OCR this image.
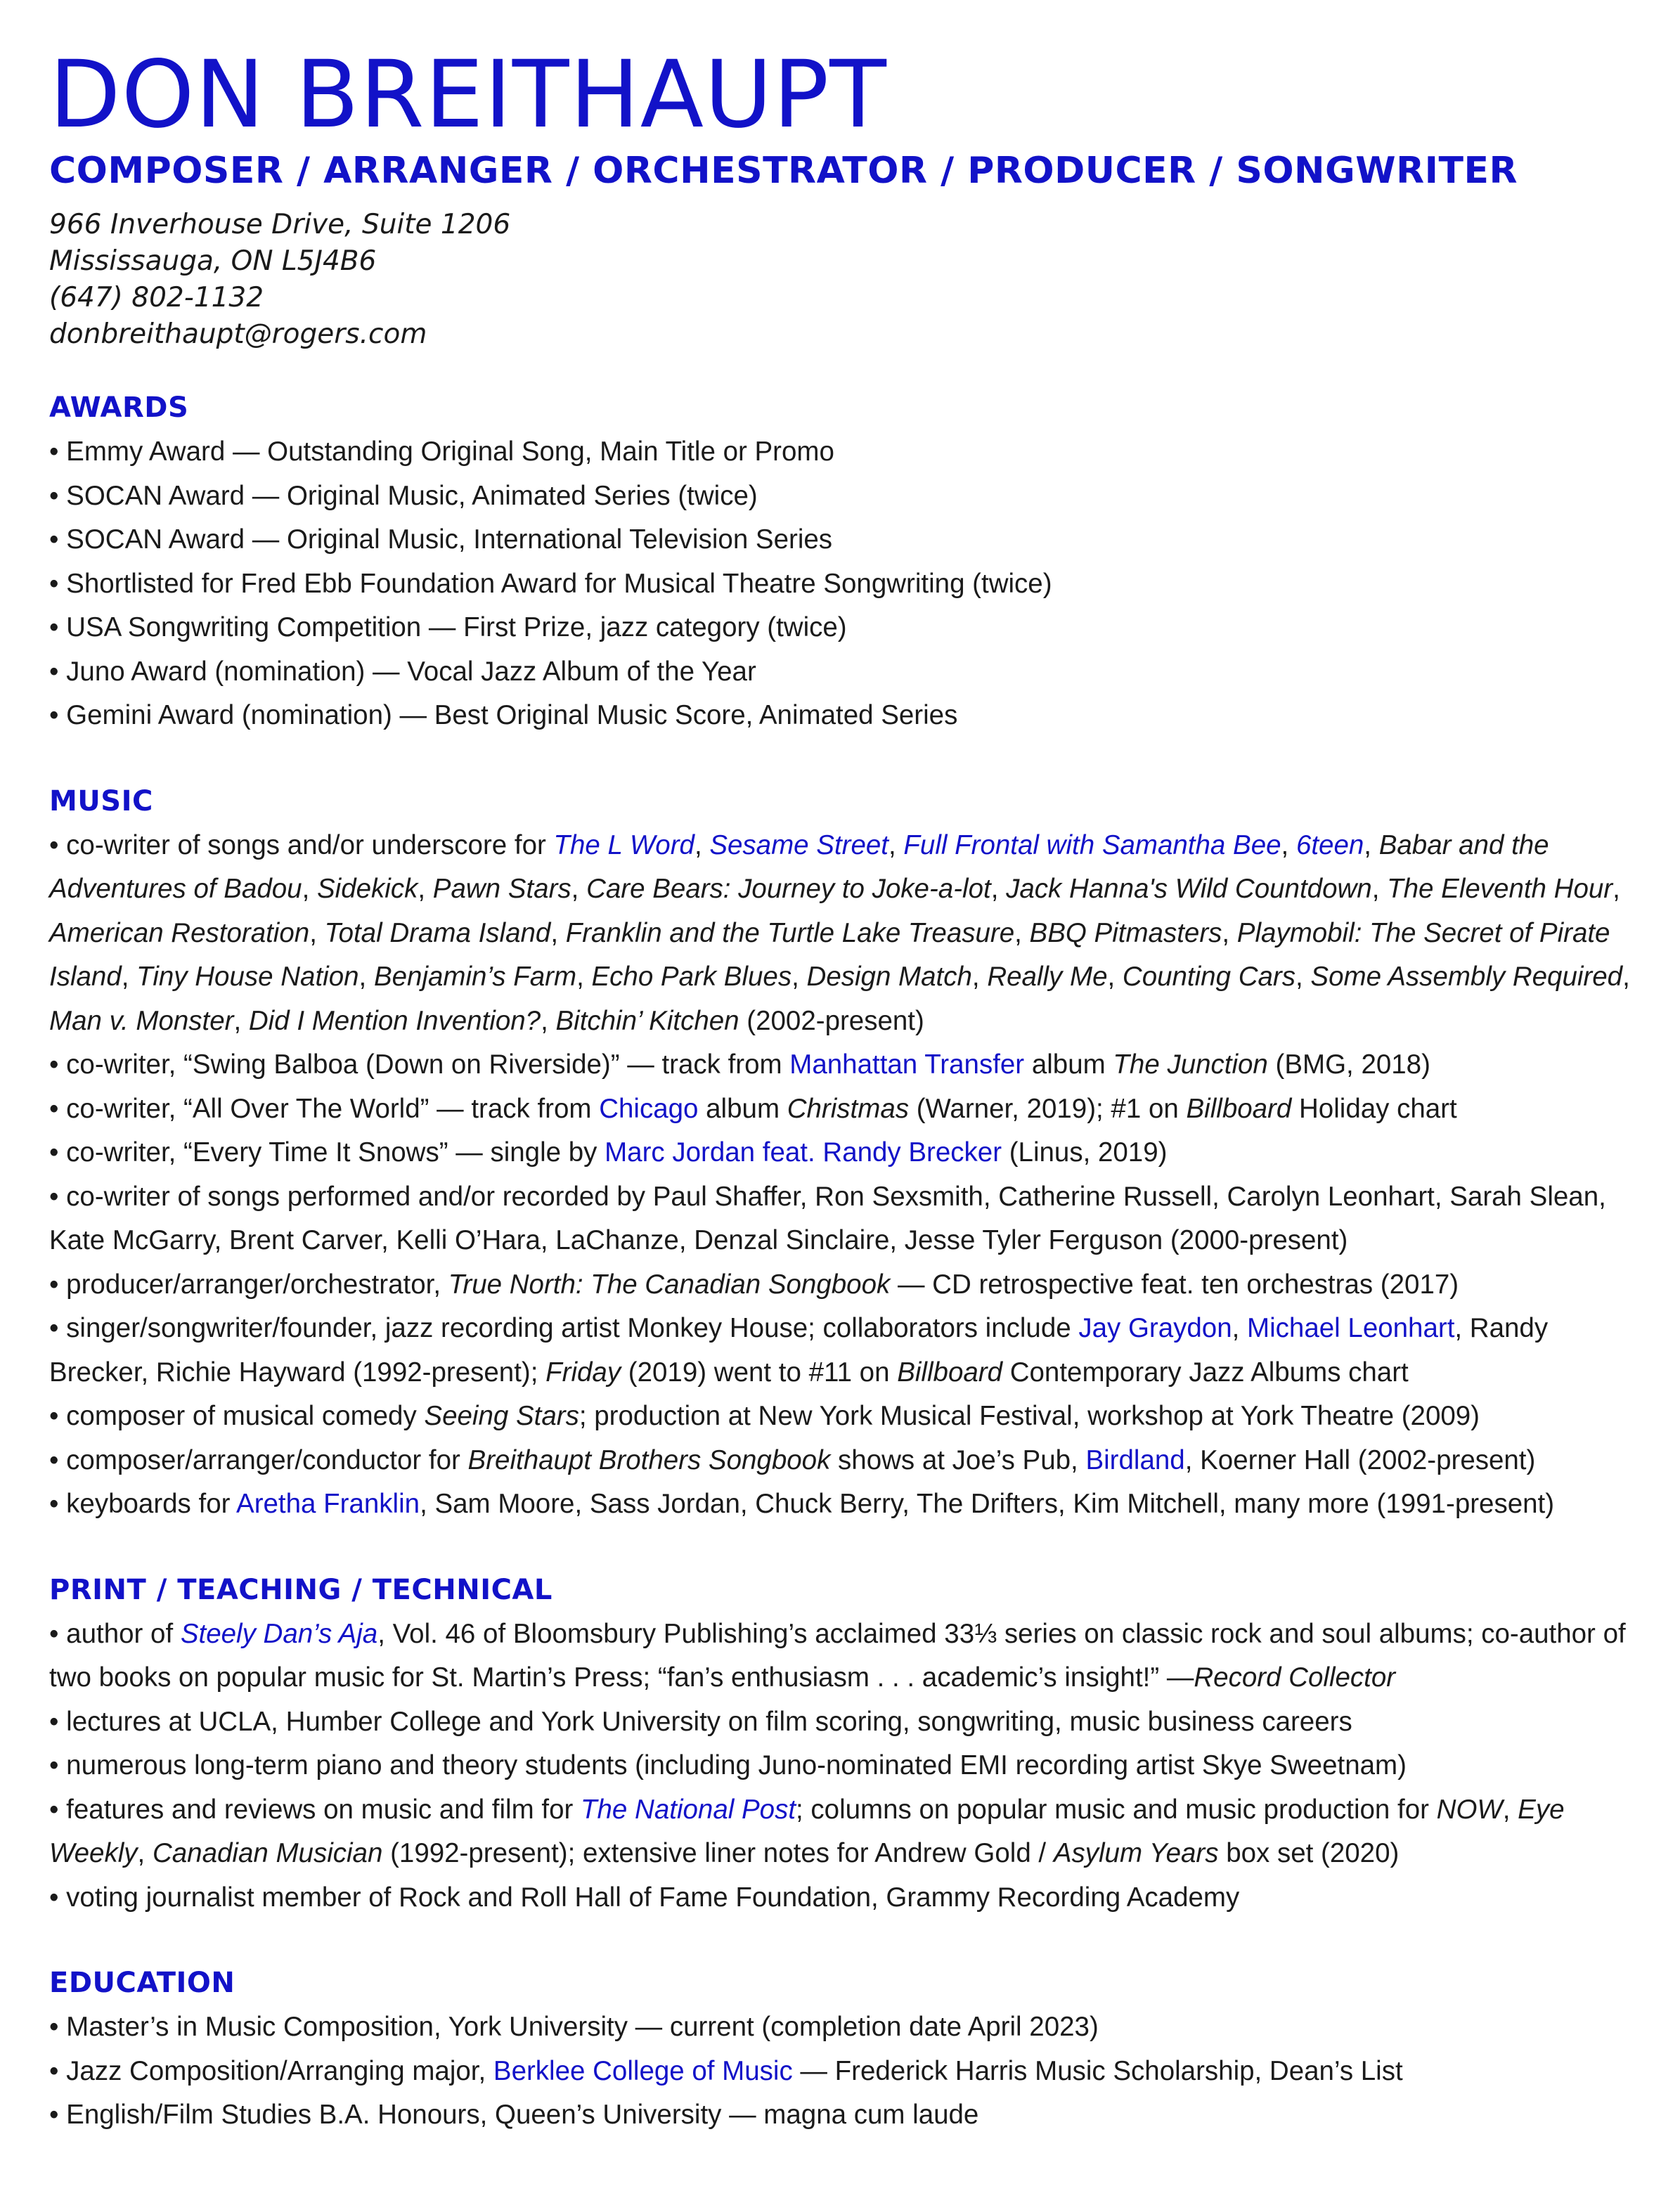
DON BREITHAUPT
COMPOSER / ARRANGER / ORCHESTRATOR / PRODUCER / SONGWRITER
966 Inverhouse Drive, Suite 1206
Mississauga, ON L5J4B6
(647) 802-1132
donbreithaupt@rogers.com
AWARDS
• Emmy Award — Outstanding Original Song, Main Title or Promo
• SOCAN Award — Original Music, Animated Series (twice)
• SOCAN Award — Original Music, International Television Series
• Shortlisted for Fred Ebb Foundation Award for Musical Theatre Songwriting (twice)
• USA Songwriting Competition — First Prize, jazz category (twice)
• Juno Award (nomination) — Vocal Jazz Album of the Year
• Gemini Award (nomination) — Best Original Music Score, Animated Series
MUSIC
• co-writer of songs and/or underscore for The L Word, Sesame Street, Full Frontal with Samantha Bee, 6teen, Babar and the Adventures of Badou, Sidekick, Pawn Stars, Care Bears: Journey to Joke-a-lot, Jack Hanna's Wild Countdown, The Eleventh Hour, American Restoration, Total Drama Island, Franklin and the Turtle Lake Treasure, BBQ Pitmasters, Playmobil: The Secret of Pirate Island, Tiny House Nation, Benjamin’s Farm, Echo Park Blues, Design Match, Really Me, Counting Cars, Some Assembly Required, Man v. Monster, Did I Mention Invention?, Bitchin’ Kitchen (2002-present)
• co-writer, “Swing Balboa (Down on Riverside)” — track from Manhattan Transfer album The Junction (BMG, 2018)
• co-writer, “All Over The World” — track from Chicago album Christmas (Warner, 2019); #1 on Billboard Holiday chart
• co-writer, “Every Time It Snows” — single by Marc Jordan feat. Randy Brecker (Linus, 2019)
• co-writer of songs performed and/or recorded by Paul Shaffer, Ron Sexsmith, Catherine Russell, Carolyn Leonhart, Sarah Slean, Kate McGarry, Brent Carver, Kelli O’Hara, LaChanze, Denzal Sinclaire, Jesse Tyler Ferguson (2000-present)
• producer/arranger/orchestrator, True North: The Canadian Songbook — CD retrospective feat. ten orchestras (2017)
• singer/songwriter/founder, jazz recording artist Monkey House; collaborators include Jay Graydon, Michael Leonhart, Randy Brecker, Richie Hayward (1992-present); Friday (2019) went to #11 on Billboard Contemporary Jazz Albums chart
• composer of musical comedy Seeing Stars; production at New York Musical Festival, workshop at York Theatre (2009)
• composer/arranger/conductor for Breithaupt Brothers Songbook shows at Joe’s Pub, Birdland, Koerner Hall (2002-present)
• keyboards for Aretha Franklin, Sam Moore, Sass Jordan, Chuck Berry, The Drifters, Kim Mitchell, many more (1991-present)
PRINT / TEACHING / TECHNICAL
• author of Steely Dan’s Aja, Vol. 46 of Bloomsbury Publishing’s acclaimed 33⅓ series on classic rock and soul albums; co-author of two books on popular music for St. Martin’s Press; “fan’s enthusiasm . . . academic’s insight!” —Record Collector
• lectures at UCLA, Humber College and York University on film scoring, songwriting, music business careers
• numerous long-term piano and theory students (including Juno-nominated EMI recording artist Skye Sweetnam)
• features and reviews on music and film for The National Post; columns on popular music and music production for NOW, Eye Weekly, Canadian Musician (1992-present); extensive liner notes for Andrew Gold / Asylum Years box set (2020)
• voting journalist member of Rock and Roll Hall of Fame Foundation, Grammy Recording Academy
EDUCATION
• Master’s in Music Composition, York University — current (completion date April 2023)
• Jazz Composition/Arranging major, Berklee College of Music — Frederick Harris Music Scholarship, Dean’s List
• English/Film Studies B.A. Honours, Queen’s University — magna cum laude
